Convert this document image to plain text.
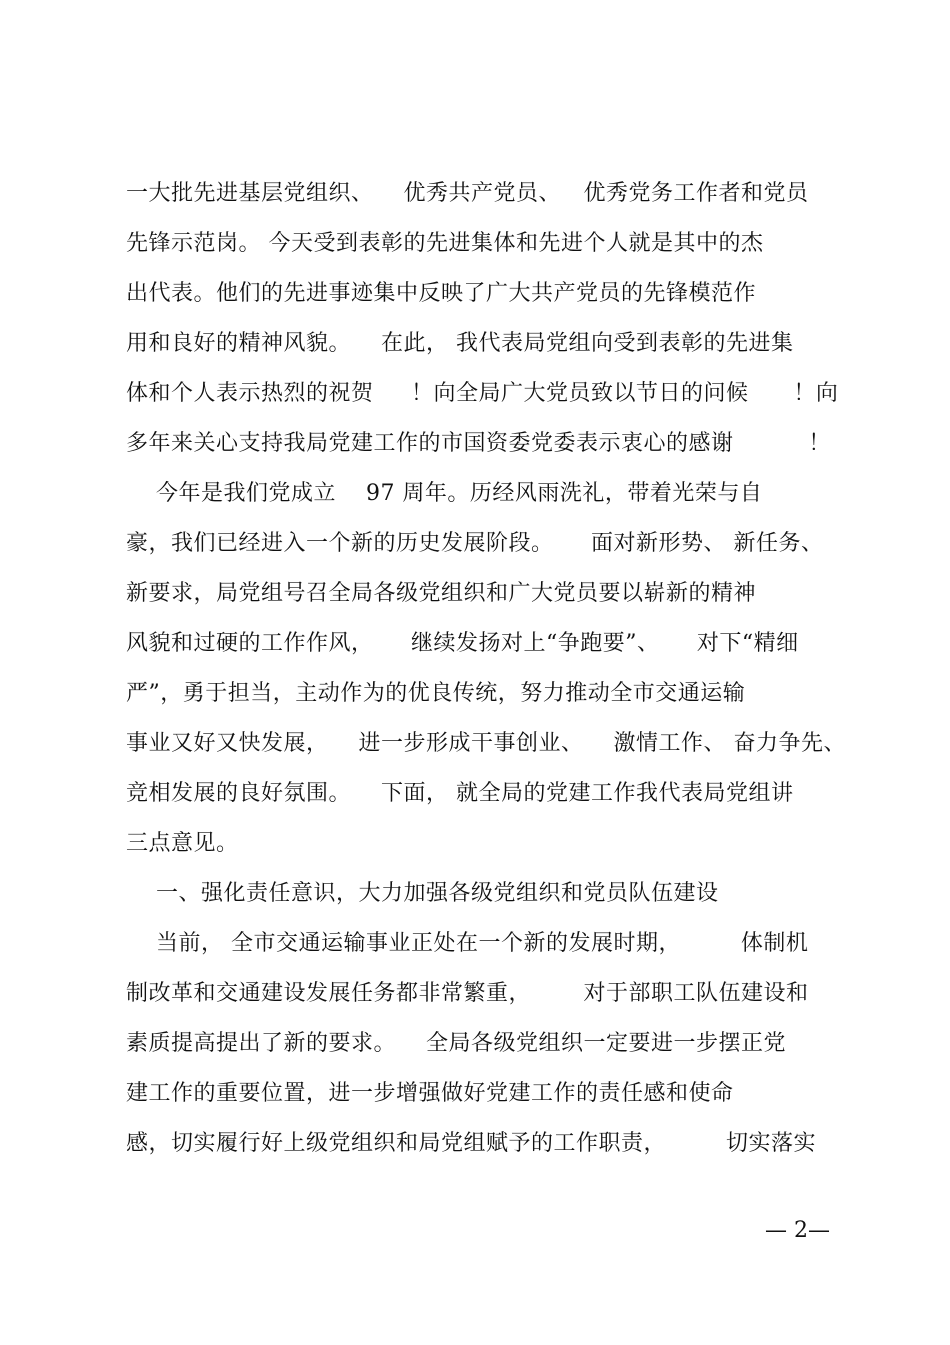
一大批先进基层党组织、    优秀共产党员、   优秀党务工作者和党员
先锋示范岗。 今天受到表彰的先进集体和先进个人就是其中的杰
出代表。他们的先进事迹集中反映了广大共产党员的先锋模范作
用和良好的精神风貌。    在此， 我代表局党组向受到表彰的先进集
体和个人表示热烈的祝贺     ！向全局广大党员致以节日的问候      ！向
多年来关心支持我局党建工作的市国资委党委表示衷心的感谢          ！
今年是我们党成立    97 周年。历经风雨洗礼，带着光荣与自
豪，我们已经进入一个新的历史发展阶段。     面对新形势、 新任务、
新要求，局党组号召全局各级党组织和广大党员要以崭新的精神
风貌和过硬的工作作风，     继续发扬对上“争跑要”、     对下“精细
严”，勇于担当，主动作为的优良传统，努力推动全市交通运输
事业又好又快发展，    进一步形成干事创业、    激情工作、 奋力争先、
竞相发展的良好氛围。    下面， 就全局的党建工作我代表局党组讲
三点意见。
一、强化责任意识，大力加强各级党组织和党员队伍建设
当前， 全市交通运输事业正处在一个新的发展时期，        体制机
制改革和交通建设发展任务都非常繁重，       对于部职工队伍建设和
素质提高提出了新的要求。    全局各级党组织一定要进一步摆正党
建工作的重要位置，进一步增强做好党建工作的责任感和使命
感，切实履行好上级党组织和局党组赋予的工作职责，        切实落实
— 2—
